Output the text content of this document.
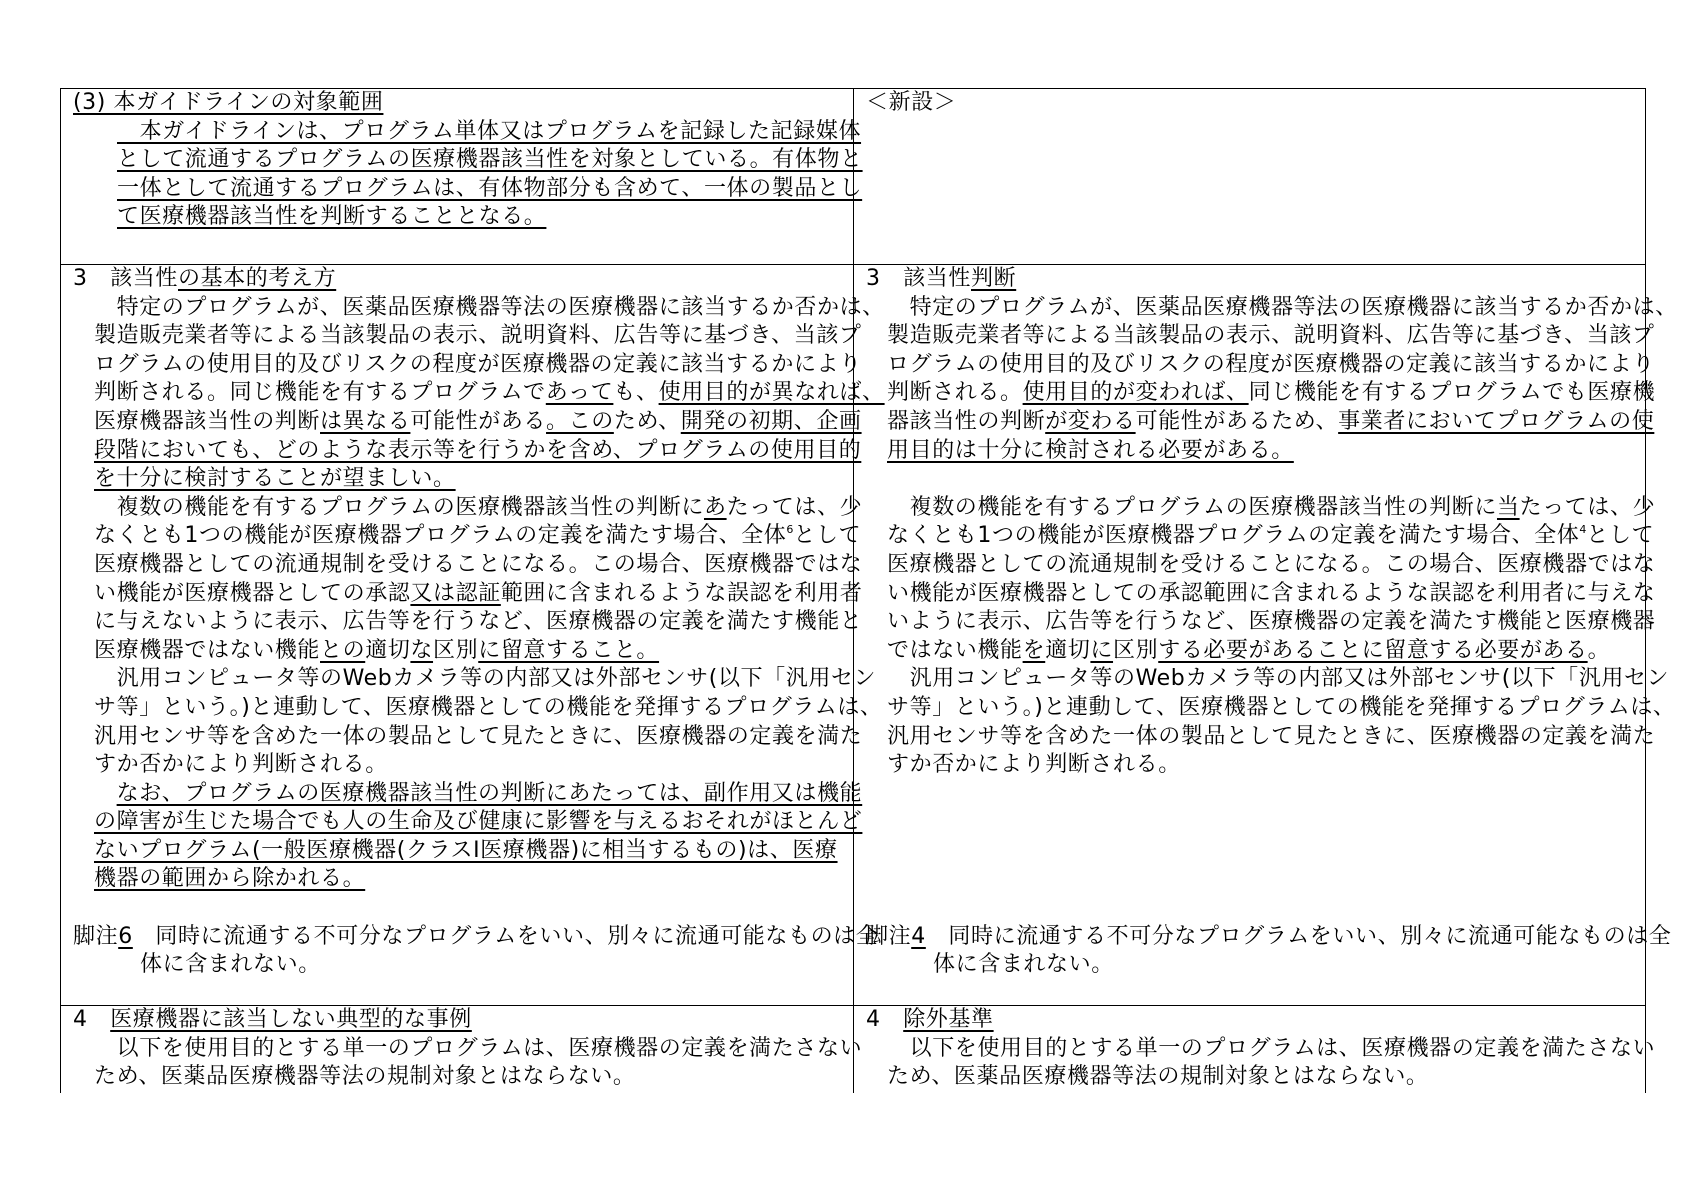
(3) 本ガイドラインの対象範囲
　本ガイドラインは、プログラム単体又はプログラムを記録した記録媒体
として流通するプログラムの医療機器該当性を対象としている。有体物と
一体として流通するプログラムは、有体物部分も含めて、一体の製品とし
て医療機器該当性を判断することとなる。
＜新設＞
3　該当性の基本的考え方
　特定のプログラムが、医薬品医療機器等法の医療機器に該当するか否かは、
製造販売業者等による当該製品の表示、説明資料、広告等に基づき、当該プ
ログラムの使用目的及びリスクの程度が医療機器の定義に該当するかにより
判断される。同じ機能を有するプログラムであっても、使用目的が異なれば、
医療機器該当性の判断は異なる可能性がある。このため、開発の初期、企画
段階においても、どのような表示等を行うかを含め、プログラムの使用目的
を十分に検討することが望ましい。
　複数の機能を有するプログラムの医療機器該当性の判断にあたっては、少
なくとも1つの機能が医療機器プログラムの定義を満たす場合、全体$^6$として
医療機器としての流通規制を受けることになる。この場合、医療機器ではな
い機能が医療機器としての承認又は認証範囲に含まれるような誤認を利用者
に与えないように表示、広告等を行うなど、医療機器の定義を満たす機能と
医療機器ではない機能との適切な区別に留意すること。
　汎用コンピュータ等のWebカメラ等の内部又は外部センサ(以下「汎用セン
サ等」という。)と連動して、医療機器としての機能を発揮するプログラムは、
汎用センサ等を含めた一体の製品として見たときに、医療機器の定義を満た
すか否かにより判断される。
　なお、プログラムの医療機器該当性の判断にあたっては、副作用又は機能
の障害が生じた場合でも人の生命及び健康に影響を与えるおそれがほとんど
ないプログラム(一般医療機器(クラスⅠ医療機器)に相当するもの)は、医療
機器の範囲から除かれる。
脚注6　同時に流通する不可分なプログラムをいい、別々に流通可能なものは全
体に含まれない。
3　該当性判断
　特定のプログラムが、医薬品医療機器等法の医療機器に該当するか否かは、
製造販売業者等による当該製品の表示、説明資料、広告等に基づき、当該プ
ログラムの使用目的及びリスクの程度が医療機器の定義に該当するかにより
判断される。使用目的が変われば、同じ機能を有するプログラムでも医療機
器該当性の判断が変わる可能性があるため、事業者においてプログラムの使
用目的は十分に検討される必要がある。
　複数の機能を有するプログラムの医療機器該当性の判断に当たっては、少
なくとも1つの機能が医療機器プログラムの定義を満たす場合、全体$^4$として
医療機器としての流通規制を受けることになる。この場合、医療機器ではな
い機能が医療機器としての承認範囲に含まれるような誤認を利用者に与えな
いように表示、広告等を行うなど、医療機器の定義を満たす機能と医療機器
ではない機能を適切に区別する必要があることに留意する必要がある。
　汎用コンピュータ等のWebカメラ等の内部又は外部センサ(以下「汎用セン
サ等」という。)と連動して、医療機器としての機能を発揮するプログラムは、
汎用センサ等を含めた一体の製品として見たときに、医療機器の定義を満た
すか否かにより判断される。
脚注4　同時に流通する不可分なプログラムをいい、別々に流通可能なものは全
体に含まれない。
4　医療機器に該当しない典型的な事例
　以下を使用目的とする単一のプログラムは、医療機器の定義を満たさない
ため、医薬品医療機器等法の規制対象とはならない。
4　除外基準
　以下を使用目的とする単一のプログラムは、医療機器の定義を満たさない
ため、医薬品医療機器等法の規制対象とはならない。
